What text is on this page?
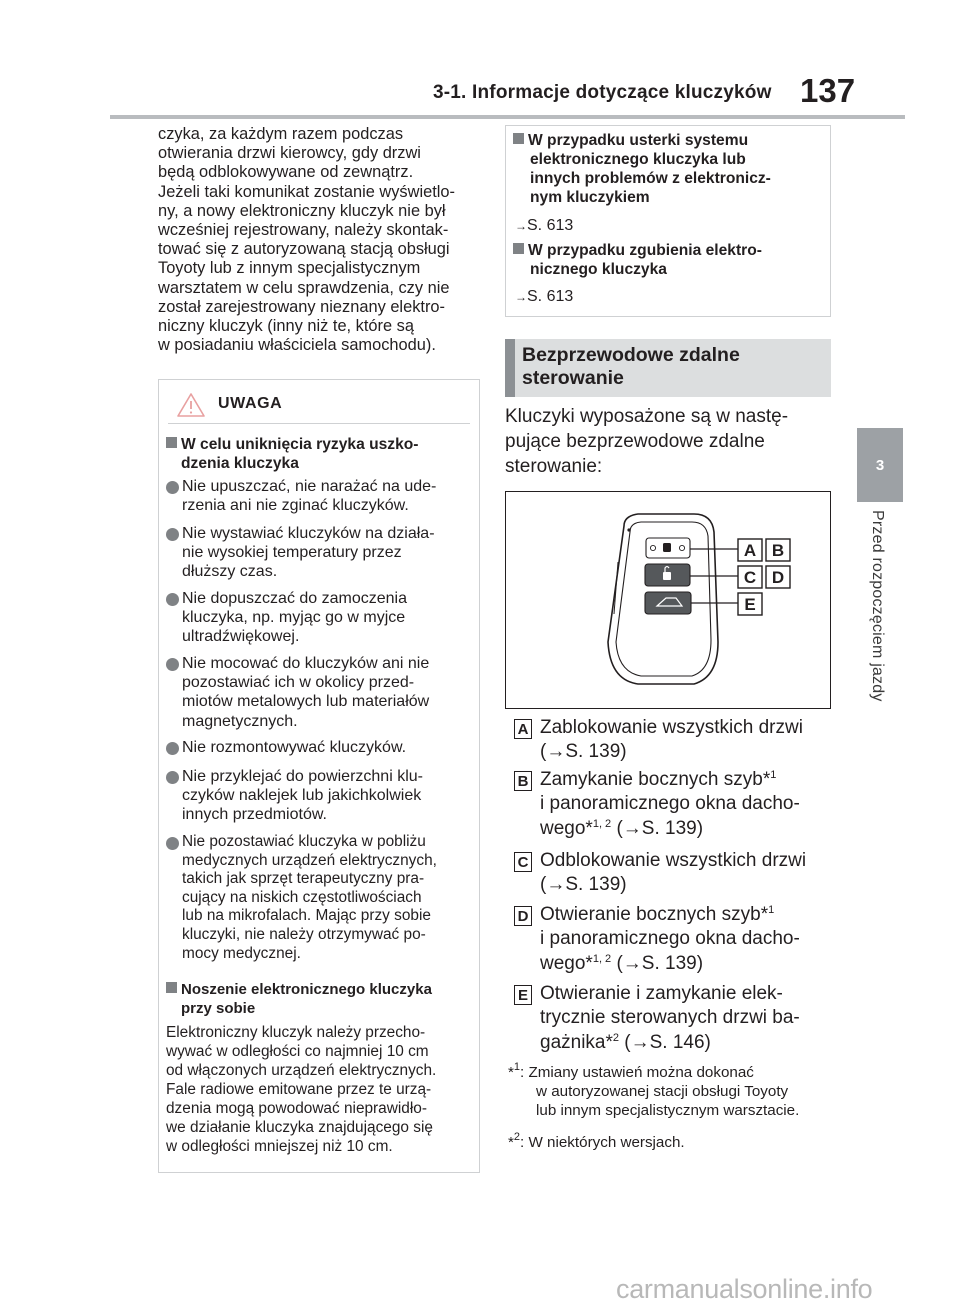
3-1. Informacje dotyczące kluczyków 137
3
Przed rozpoczęciem jazdy
czyka, za każdym razem podczas
otwierania drzwi kierowcy, gdy drzwi
będą odblokowywane od zewnątrz.
Jeżeli taki komunikat zostanie wyświetlo-
ny, a nowy elektroniczny kluczyk nie był
wcześniej rejestrowany, należy skontak-
tować się z autoryzowaną stacją obsługi
Toyoty lub z innym specjalistycznym
warsztatem w celu sprawdzenia, czy nie
został zarejestrowany nieznany elektro-
niczny kluczyk (inny niż te, które są
w posiadaniu właściciela samochodu).
UWAGA
W celu uniknięcia ryzyka uszko-
dzenia kluczyka
Nie upuszczać, nie narażać na ude-
rzenia ani nie zginać kluczyków.
Nie wystawiać kluczyków na działa-
nie wysokiej temperatury przez
dłuższy czas.
Nie dopuszczać do zamoczenia
kluczyka, np. myjąc go w myjce
ultradźwiękowej.
Nie mocować do kluczyków ani nie
pozostawiać ich w okolicy przed-
miotów metalowych lub materiałów
magnetycznych.
Nie rozmontowywać kluczyków.
Nie przyklejać do powierzchni klu-
czyków naklejek lub jakichkolwiek
innych przedmiotów.
Nie pozostawiać kluczyka w pobliżu
medycznych urządzeń elektrycznych,
takich jak sprzęt terapeutyczny pra-
cujący na niskich częstotliwościach
lub na mikrofalach. Mając przy sobie
kluczyki, nie należy otrzymywać po-
mocy medycznej.
Noszenie elektronicznego kluczyka
przy sobie
Elektroniczny kluczyk należy przecho-
wywać w odległości co najmniej 10 cm
od włączonych urządzeń elektrycznych.
Fale radiowe emitowane przez te urzą-
dzenia mogą powodować nieprawidło-
we działanie kluczyka znajdującego się
w odległości mniejszej niż 10 cm.
W przypadku usterki systemu
elektronicznego kluczyka lub
innych problemów z elektronicz-
nym kluczykiem
→S. 613
W przypadku zgubienia elektro-
nicznego kluczyka
→S. 613
Bezprzewodowe zdalne
sterowanie
Kluczyki wyposażone są w nastę-
pujące bezprzewodowe zdalne
sterowanie:
A B
C D
E
A Zablokowanie wszystkich drzwi
(→S. 139)
B Zamykanie bocznych szyb*$^1$
i panoramicznego okna dacho-
wego*$^{1, 2}$ (→S. 139)
C Odblokowanie wszystkich drzwi
(→S. 139)
D Otwieranie bocznych szyb*$^1$
i panoramicznego okna dacho-
wego*$^{1, 2}$ (→S. 139)
E Otwieranie i zamykanie elek-
trycznie sterowanych drzwi ba-
gażnika*$^2$ (→S. 146)
*$^1$: Zmiany ustawień można dokonać
w autoryzowanej stacji obsługi Toyoty
lub innym specjalistycznym warsztacie.
*$^2$: W niektórych wersjach.
carmanualsonline.info
